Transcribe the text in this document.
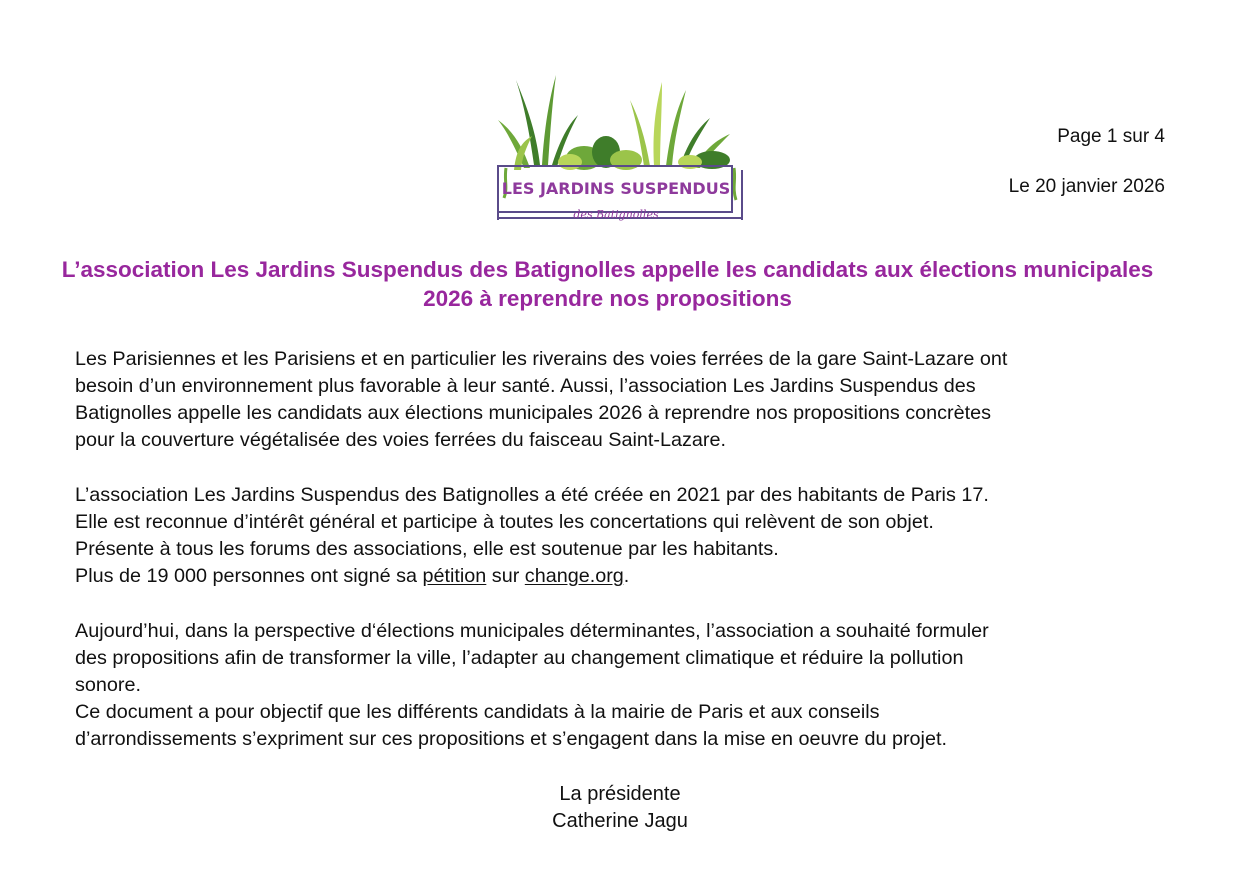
LES JARDINS SUSPENDUS
des Batignolles
Page 1 sur 4
Le 20 janvier 2026
L’association Les Jardins Suspendus des Batignolles appelle les candidats aux élections municipales 2026 à reprendre nos propositions

Les Parisiennes et les Parisiens et en particulier les riverains des voies ferrées de la gare Saint-Lazare ont
besoin d’un environnement plus favorable à leur santé. Aussi, l’association Les Jardins Suspendus des
Batignolles appelle les candidats aux élections municipales 2026 à reprendre nos propositions concrètes
pour la couverture végétalisée des voies ferrées du faisceau Saint-Lazare.

L’association Les Jardins Suspendus des Batignolles a été créée en 2021 par des habitants de Paris 17.
Elle est reconnue d’intérêt général et participe à toutes les concertations qui relèvent de son objet.
Présente à tous les forums des associations, elle est soutenue par les habitants.
Plus de 19 000 personnes ont signé sa pétition sur change.org.

Aujourd’hui, dans la perspective d‘élections municipales déterminantes, l’association a souhaité formuler
des propositions afin de transformer la ville, l’adapter au changement climatique et réduire la pollution
sonore.
Ce document a pour objectif que les différents candidats à la mairie de Paris et aux conseils
d’arrondissements s’expriment sur ces propositions et s’engagent dans la mise en oeuvre du projet.

La présidente
Catherine Jagu
